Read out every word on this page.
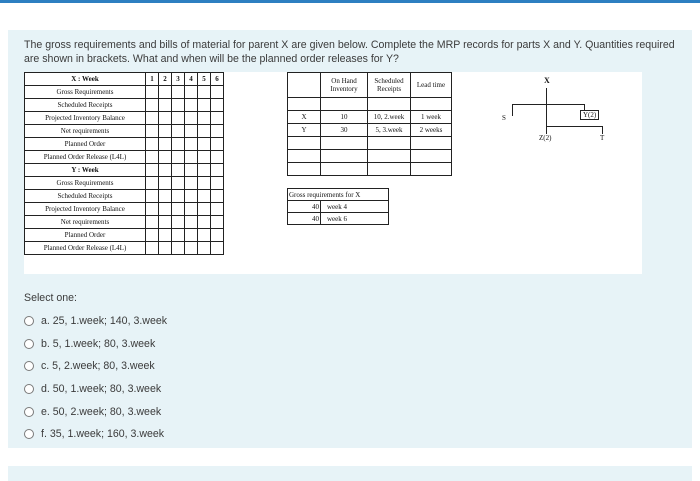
The gross requirements and bills of material for parent X are given below. Complete the MRP records for parts X and Y. Quantities required are shown in brackets. What and when will be the planned order releases for Y?
X : Week	1	2	3	4	5	6
Gross Requirements						
Scheduled Receipts						
Projected Inventory Balance						
Net requirements						
Planned Order						
Planned Order Release (L4L)						
Y : Week						
Gross Requirements						
Scheduled Receipts						
Projected Inventory Balance						
Net requirements						
Planned Order						
Planned Order Release (L4L)						
	On Hand Inventory	Scheduled Receipts	Lead time

X	10	10, 2.week	1 week
Y	30	5, 3.week	2 weeks

Gross requirements for X	
40	week 4
40	week 6
X
S	Y(2)
Z(2)	T
Select one:
a. 25, 1.week; 140, 3.week
b. 5, 1.week; 80, 3.week
c. 5, 2.week; 80, 3.week
d. 50, 1.week; 80, 3.week
e. 50, 2.week; 80, 3.week
f. 35, 1.week; 160, 3.week
